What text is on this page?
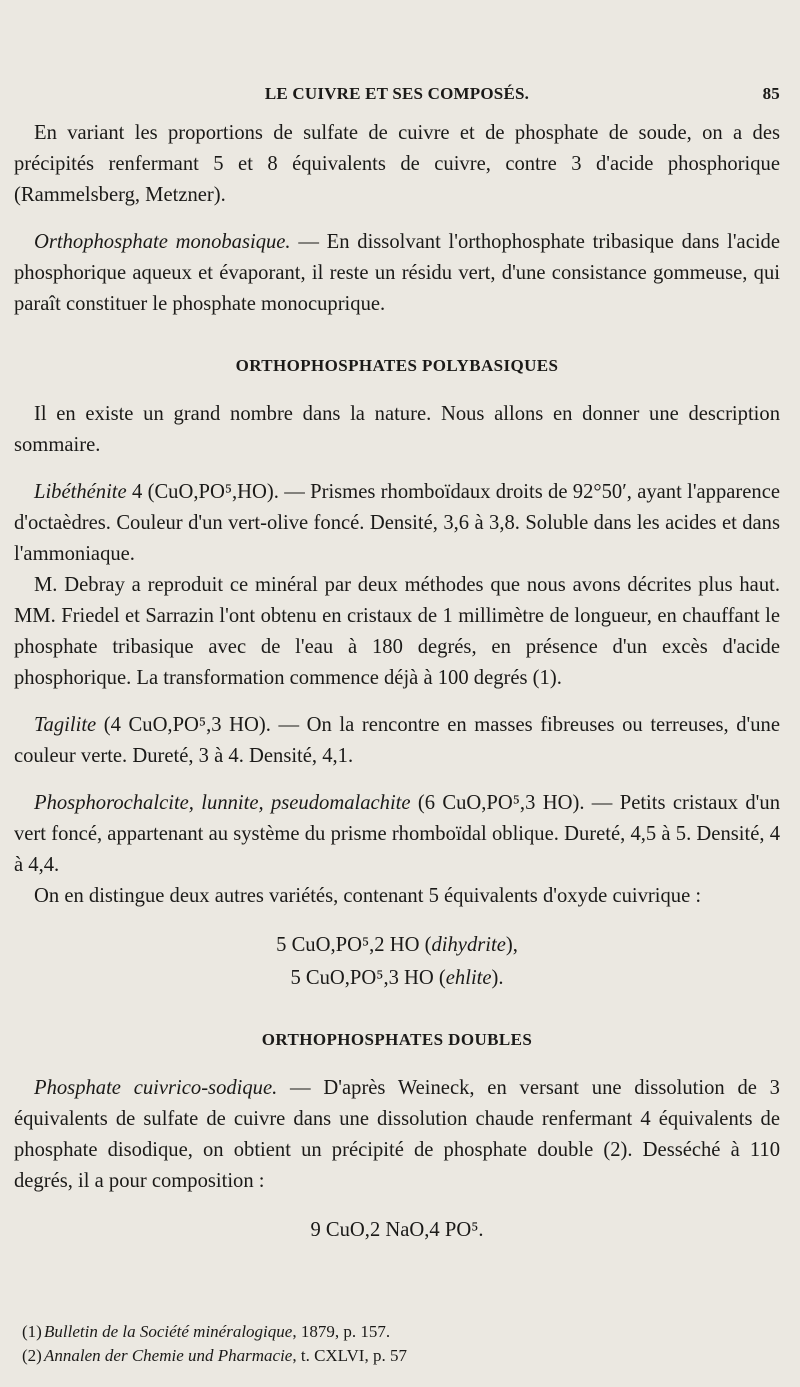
LE CUIVRE ET SES COMPOSÉS.	85

En variant les proportions de sulfate de cuivre et de phosphate de soude, on a des précipités renfermant 5 et 8 équivalents de cuivre, contre 3 d'acide phosphorique (Rammelsberg, Metzner).

Orthophosphate monobasique. — En dissolvant l'orthophosphate tribasique dans l'acide phosphorique aqueux et évaporant, il reste un résidu vert, d'une consistance gommeuse, qui paraît constituer le phosphate monocuprique.

ORTHOPHOSPHATES POLYBASIQUES

Il en existe un grand nombre dans la nature. Nous allons en donner une description sommaire.

Libéthénite 4 (CuO,PO⁵,HO). — Prismes rhomboïdaux droits de 92°50′, ayant l'apparence d'octaèdres. Couleur d'un vert-olive foncé. Densité, 3,6 à 3,8. Soluble dans les acides et dans l'ammoniaque.

M. Debray a reproduit ce minéral par deux méthodes que nous avons décrites plus haut. MM. Friedel et Sarrazin l'ont obtenu en cristaux de 1 millimètre de longueur, en chauffant le phosphate tribasique avec de l'eau à 180 degrés, en présence d'un excès d'acide phosphorique. La transformation commence déjà à 100 degrés (1).

Tagilite (4 CuO,PO⁵,3 HO). — On la rencontre en masses fibreuses ou terreuses, d'une couleur verte. Dureté, 3 à 4. Densité, 4,1.

Phosphorochalcite, lunnite, pseudomalachite (6 CuO,PO⁵,3 HO). — Petits cristaux d'un vert foncé, appartenant au système du prisme rhomboïdal oblique. Dureté, 4,5 à 5. Densité, 4 à 4,4.

On en distingue deux autres variétés, contenant 5 équivalents d'oxyde cuivrique :

5 CuO,PO⁵,2 HO (dihydrite),
5 CuO,PO⁵,3 HO (ehlite).
ORTHOPHOSPHATES DOUBLES

Phosphate cuivrico-sodique. — D'après Weineck, en versant une dissolution de 3 équivalents de sulfate de cuivre dans une dissolution chaude renfermant 4 équivalents de phosphate disodique, on obtient un précipité de phosphate double (2). Desséché à 110 degrés, il a pour composition :

9 CuO,2 NaO,4 PO⁵.
(1) Bulletin de la Société minéralogique, 1879, p. 157.
(2) Annalen der Chemie und Pharmacie, t. CXLVI, p. 57
